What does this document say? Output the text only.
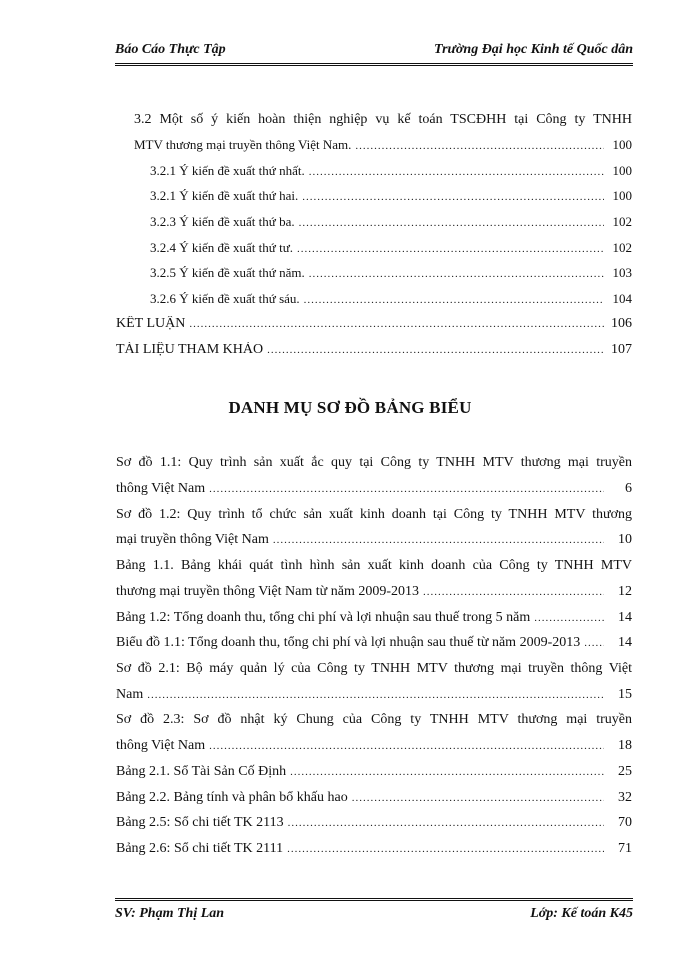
Báo Cáo Thực Tập	Trường Đại học Kinh tế Quốc dân
3.2 Một số ý kiến hoàn thiện nghiệp vụ kế toán TSCĐHH tại Công ty TNHH
MTV thương mại truyền thông Việt Nam. .....	100
3.2.1 Ý kiến đề xuất thứ nhất. .....	100
3.2.1 Ý kiến đề xuất thứ hai. .....	100
3.2.3 Ý kiến đề xuất thứ ba. .....	102
3.2.4 Ý kiến đề xuất thứ tư. .....	102
3.2.5 Ý kiến đề xuất thứ năm. .....	103
3.2.6 Ý kiến đề xuất thứ sáu. .....	104
KẾT LUẬN .....	106
TÀI LIỆU THAM KHẢO .....	107
DANH MỤ SƠ ĐỒ BẢNG BIỂU
Sơ đồ 1.1: Quy trình sản xuất ắc quy tại Công ty TNHH MTV thương mại truyền
thông Việt Nam .....	6
Sơ đồ 1.2: Quy trình tổ chức sản xuất kinh doanh tại Công ty TNHH MTV thương
mại truyền thông Việt Nam .....	10
Bảng 1.1. Bảng khái quát tình hình sản xuất kinh doanh của Công ty TNHH MTV
thương mại truyền thông Việt Nam từ năm 2009-2013 .....	12
Bảng 1.2: Tổng doanh thu, tổng chi phí và lợi nhuận sau thuế trong 5 năm .....	14
Biểu đồ 1.1: Tổng doanh thu, tổng chi phí và lợi nhuận sau thuế từ năm 2009-2013 .....	14
Sơ đồ 2.1: Bộ máy quản lý của Công ty TNHH MTV thương mại truyền thông Việt
Nam .....	15
Sơ đồ 2.3: Sơ đồ nhật ký Chung của Công ty TNHH MTV thương mại truyền
thông Việt Nam .....	18
Bảng 2.1. Sổ Tài Sản Cố Định .....	25
Bảng 2.2. Bảng tính và phân bổ khấu hao .....	32
Bảng 2.5: Sổ chi tiết TK 2113 .....	70
Bảng 2.6: Sổ chi tiết TK 2111 .....	71
SV: Phạm Thị Lan	Lớp: Kế toán K45
